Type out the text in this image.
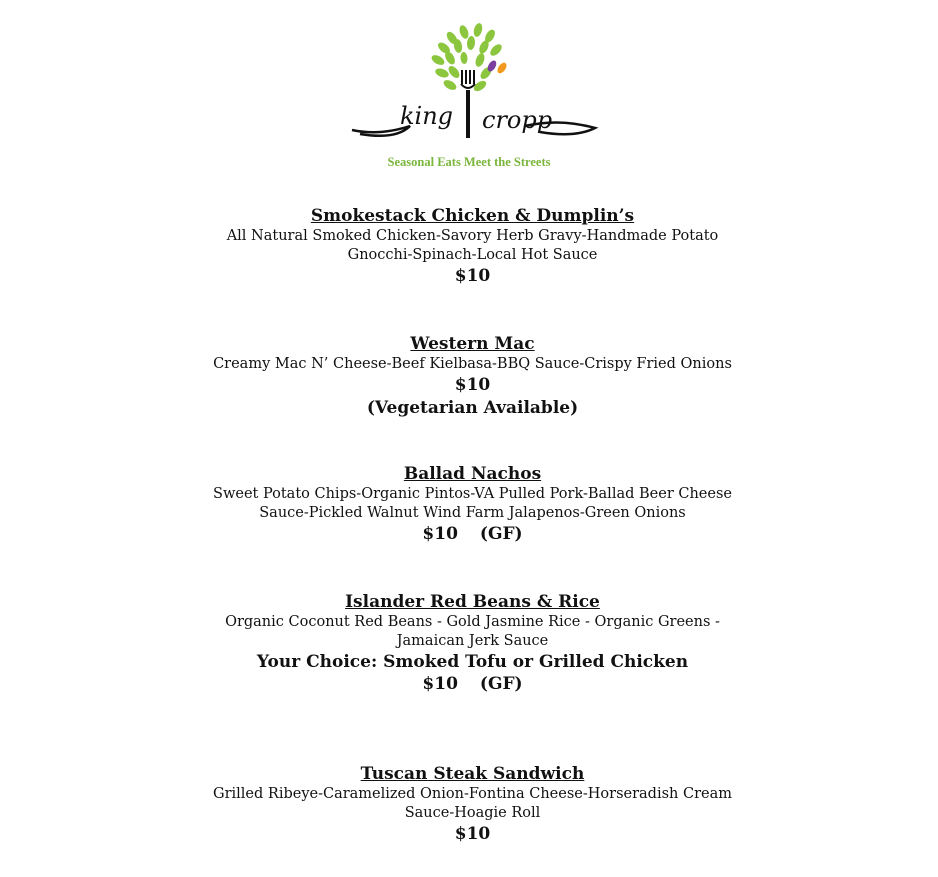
king cropp
Seasonal Eats Meet the Streets
Smokestack Chicken & Dumplin’s
All Natural Smoked Chicken-Savory Herb Gravy-Handmade Potato
Gnocchi-Spinach-Local Hot Sauce
$10
Western Mac
Creamy Mac N’ Cheese-Beef Kielbasa-BBQ Sauce-Crispy Fried Onions
$10
(Vegetarian Available)
Ballad Nachos
Sweet Potato Chips-Organic Pintos-VA Pulled Pork-Ballad Beer Cheese
Sauce-Pickled Walnut Wind Farm Jalapenos-Green Onions
$10 (GF)
Islander Red Beans & Rice
Organic Coconut Red Beans - Gold Jasmine Rice - Organic Greens -
Jamaican Jerk Sauce
Your Choice: Smoked Tofu or Grilled Chicken
$10 (GF)
Tuscan Steak Sandwich
Grilled Ribeye-Caramelized Onion-Fontina Cheese-Horseradish Cream
Sauce-Hoagie Roll
$10
